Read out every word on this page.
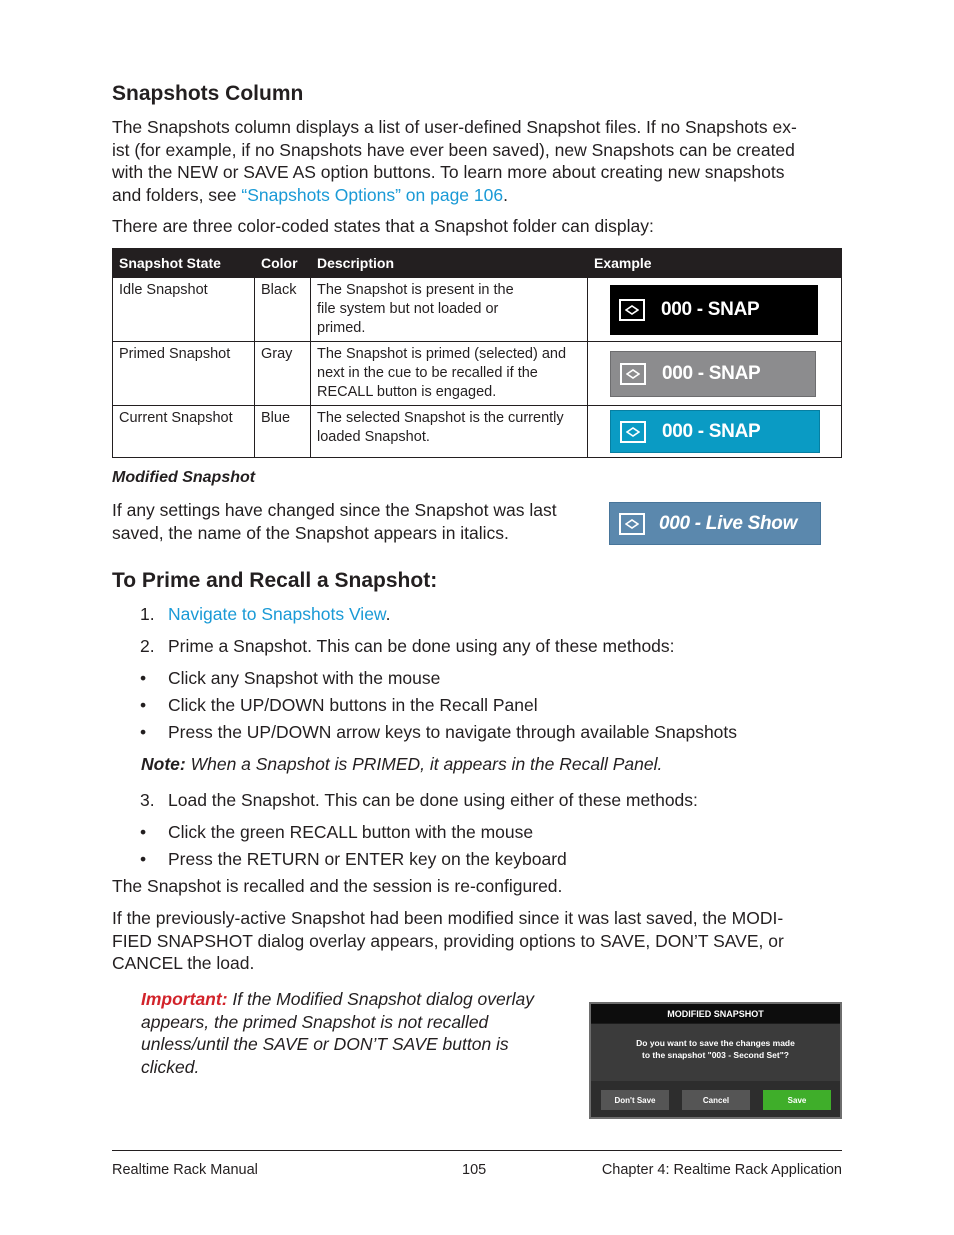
Snapshots Column
The Snapshots column displays a list of user-defined Snapshot files. If no Snapshots ex-
ist (for example, if no Snapshots have ever been saved), new Snapshots can be created
with the NEW or SAVE AS option buttons. To learn more about creating new snapshots
and folders, see “Snapshots Options” on page 106.
There are three color-coded states that a Snapshot folder can display:
Snapshot State	Color	Description	Example
Idle Snapshot	Black	The Snapshot is present in the
file system but not loaded or
primed.	000 - SNAP

Primed Snapshot	Gray	The Snapshot is primed (selected) and
next in the cue to be recalled if the
RECALL button is engaged.	000 - SNAP

Current Snapshot	Blue	The selected Snapshot is the currently
loaded Snapshot.	000 - SNAP
Modified Snapshot
If any settings have changed since the Snapshot was last
saved, the name of the Snapshot appears in italics.	000 - Live Show
To Prime and Recall a Snapshot:
1. Navigate to Snapshots View.
2. Prime a Snapshot. This can be done using any of these methods:
• Click any Snapshot with the mouse
• Click the UP/DOWN buttons in the Recall Panel
• Press the UP/DOWN arrow keys to navigate through available Snapshots
Note: When a Snapshot is PRIMED, it appears in the Recall Panel.
3. Load the Snapshot. This can be done using either of these methods:
• Click the green RECALL button with the mouse
• Press the RETURN or ENTER key on the keyboard
The Snapshot is recalled and the session is re-configured.
If the previously-active Snapshot had been modified since it was last saved, the MODI-
FIED SNAPSHOT dialog overlay appears, providing options to SAVE, DON’T SAVE, or
CANCEL the load.
Important: If the Modified Snapshot dialog overlay
appears, the primed Snapshot is not recalled
unless/until the SAVE or DON’T SAVE button is
clicked.
MODIFIED SNAPSHOT
Do you want to save the changes made
to the snapshot "003 - Second Set"?
Don't Save	Cancel	Save
Realtime Rack Manual	105	Chapter 4: Realtime Rack Application
